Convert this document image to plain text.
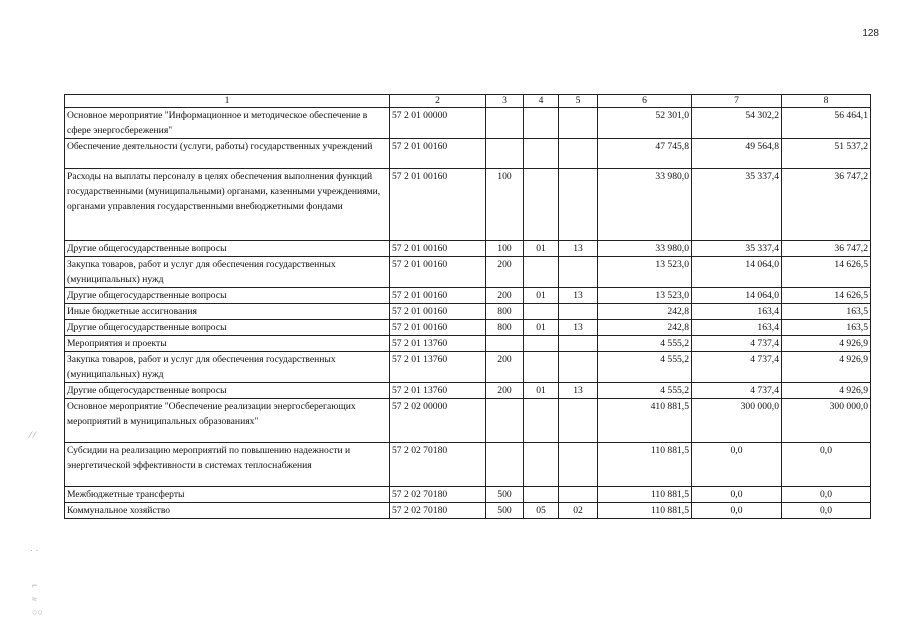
128
1	2	3	4	5	6	7	8
Основное мероприятие "Информационное и методическое обеспечение в сфере энергосбережения"	57 2 01 00000				52 301,0	54 302,2	56 464,1
Обеспечение деятельности (услуги, работы) государственных учреждений	57 2 01 00160				47 745,8	49 564,8	51 537,2
Расходы на выплаты персоналу в целях обеспечения выполнения функций государственными (муниципальными) органами, казенными учреждениями, органами управления государственными внебюджетными фондами	57 2 01 00160	100			33 980,0	35 337,4	36 747,2
Другие общегосударственные вопросы	57 2 01 00160	100	01	13	33 980,0	35 337,4	36 747,2
Закупка товаров, работ и услуг для обеспечения государственных (муниципальных) нужд	57 2 01 00160	200			13 523,0	14 064,0	14 626,5
Другие общегосударственные вопросы	57 2 01 00160	200	01	13	13 523,0	14 064,0	14 626,5
Иные бюджетные ассигнования	57 2 01 00160	800			242,8	163,4	163,5
Другие общегосударственные вопросы	57 2 01 00160	800	01	13	242,8	163,4	163,5
Мероприятия и проекты	57 2 01 13760				4 555,2	4 737,4	4 926,9
Закупка товаров, работ и услуг для обеспечения государственных (муниципальных) нужд	57 2 01 13760	200			4 555,2	4 737,4	4 926,9
Другие общегосударственные вопросы	57 2 01 13760	200	01	13	4 555,2	4 737,4	4 926,9
Основное мероприятие "Обеспечение реализации энергосберегающих мероприятий в муниципальных образованиях"	57 2 02 00000				410 881,5	300 000,0	300 000,0
Субсидии на реализацию мероприятий по повышению надежности и энергетической эффективности в системах теплоснабжения	57 2 02 70180				110 881,5	0,0	0,0
Межбюджетные трансферты	57 2 02 70180	500			110 881,5	0,0	0,0
Коммунальное хозяйство	57 2 02 70180	500	05	02	110 881,5	0,0	0,0
⁄ ⁄
· ·
⌐
≈
○○
